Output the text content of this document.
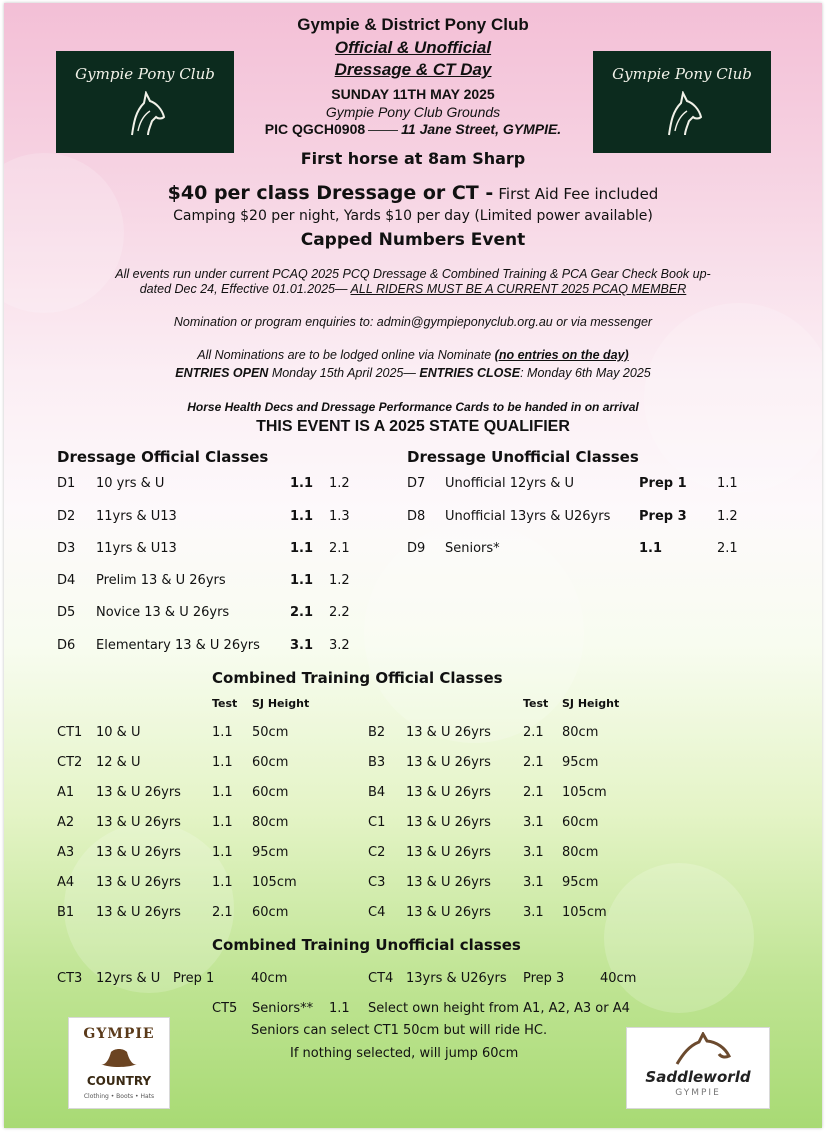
Gympie Pony Club	Gympie Pony Club
Gympie & District Pony Club
Official & Unofficial
Dressage & CT Day
SUNDAY 11TH MAY 2025
Gympie Pony Club Grounds
PIC QGCH0908	11 Jane Street, GYMPIE.
First horse at 8am Sharp
$40 per class Dressage or CT - First Aid Fee included
Camping $20 per night, Yards $10 per day (Limited power available)
Capped Numbers Event
All events run under current PCAQ 2025 PCQ Dressage & Combined Training & PCA Gear Check Book up-
dated Dec 24, Effective 01.01.2025— ALL RIDERS MUST BE A CURRENT 2025 PCAQ MEMBER
Nomination or program enquiries to: admin@gympieponyclub.org.au or via messenger
All Nominations are to be lodged online via Nominate (no entries on the day)
ENTRIES OPEN Monday 15th April 2025— ENTRIES CLOSE: Monday 6th May 2025
Horse Health Decs and Dressage Performance Cards to be handed in on arrival
THIS EVENT IS A 2025 STATE QUALIFIER
Dressage Official Classes
D1 10 yrs & U	1.1 1.2
D2 11yrs & U13	1.1 1.3
D3 11yrs & U13	1.1 2.1
D4 Prelim 13 & U 26yrs	1.1 1.2
D5 Novice 13 & U 26yrs	2.1 2.2
D6 Elementary 13 & U 26yrs 3.1 3.2
Dressage Unofficial Classes
D7 Unofficial 12yrs & U	Prep 1 1.1
D8 Unofficial 13yrs & U26yrs Prep 3 1.2
D9 Seniors*	1.1	2.1
Combined Training Official Classes
Test SJ Height	Test SJ Height
CT1 10 & U	1.1 50cm
CT2 12 & U	1.1 60cm
A1 13 & U 26yrs 1.1 60cm
A2 13 & U 26yrs 1.1 80cm
A3 13 & U 26yrs 1.1 95cm
A4 13 & U 26yrs 1.1 105cm
B1 13 & U 26yrs 2.1 60cm
B2 13 & U 26yrs 2.1 80cm
B3 13 & U 26yrs 2.1 95cm
B4 13 & U 26yrs 2.1 105cm
C1 13 & U 26yrs 3.1 60cm
C2 13 & U 26yrs 3.1 80cm
C3 13 & U 26yrs 3.1 95cm
C4 13 & U 26yrs 3.1 105cm
Combined Training Unofficial classes
CT3 12yrs & U Prep 1	40cm	CT4 13yrs & U26yrs Prep 3	40cm
CT5 Seniors** 1.1 Select own height from A1, A2, A3 or A4
Seniors can select CT1 50cm but will ride HC.
If nothing selected, will jump 60cm
GYMPIE
COUNTRY
Clothing • Boots • Hats
Saddleworld
GYMPIE
